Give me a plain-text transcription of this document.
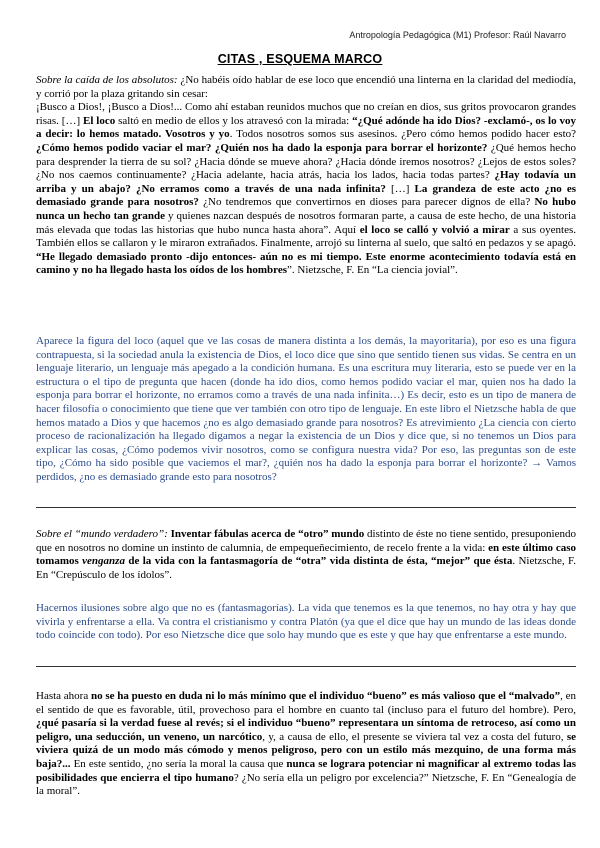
Antropología Pedagógica (M1) Profesor: Raúl Navarro
CITAS , ESQUEMA MARCO

Sobre la caída de los absolutos: ¿No habéis oído hablar de ese loco que encendió una linterna en la claridad del mediodía, y corrió por la plaza gritando sin cesar:
¡Busco a Dios!, ¡Busco a Dios!... Como ahí estaban reunidos muchos que no creían en dios, sus gritos provocaron grandes risas. […] El loco saltó en medio de ellos y los atravesó con la mirada: “¿Qué adónde ha ido Dios? -exclamó-, os lo voy a decir: lo hemos matado. Vosotros y yo. Todos nosotros somos sus asesinos. ¿Pero cómo hemos podido hacer esto? ¿Cómo hemos podido vaciar el mar? ¿Quién nos ha dado la esponja para borrar el horizonte? ¿Qué hemos hecho para desprender la tierra de su sol? ¿Hacia dónde se mueve ahora? ¿Hacia dónde iremos nosotros? ¿Lejos de estos soles? ¿No nos caemos continuamente? ¿Hacia adelante, hacia atrás, hacia los lados, hacia todas partes? ¿Hay todavía un arriba y un abajo? ¿No erramos como a través de una nada infinita? […] La grandeza de este acto ¿no es demasiado grande para nosotros? ¿No tendremos que convertirnos en dioses para parecer dignos de ella? No hubo nunca un hecho tan grande y quienes nazcan después de nosotros formaran parte, a causa de este hecho, de una historia más elevada que todas las historias que hubo nunca hasta ahora”. Aquí el loco se calló y volvió a mirar a sus oyentes. También ellos se callaron y le miraron extrañados. Finalmente, arrojó su linterna al suelo, que saltó en pedazos y se apagó. “He llegado demasiado pronto -dijo entonces- aún no es mi tiempo. Este enorme acontecimiento todavía está en camino y no ha llegado hasta los oídos de los hombres”. Nietzsche, F. En “La ciencia jovial”.

Aparece la figura del loco (aquel que ve las cosas de manera distinta a los demás, la mayoritaria), por eso es una figura contrapuesta, si la sociedad anula la existencia de Dios, el loco dice que sino que sentido tienen sus vidas. Se centra en un lenguaje literario, un lenguaje más apegado a la condición humana. Es una escritura muy literaria, esto se puede ver en la estructura o el tipo de pregunta que hacen (donde ha ido dios, como hemos podido vaciar el mar, quien nos ha dado la esponja para borrar el horizonte, no erramos como a través de una nada infinita…) Es decir, esto es un tipo de manera de hacer filosofía o conocimiento que tiene que ver también con otro tipo de lenguaje. En este libro el Nietzsche habla de que hemos matado a Dios y que hacemos ¿no es algo demasiado grande para nosotros? Es atrevimiento ¿La ciencia con cierto proceso de racionalización ha llegado digamos a negar la existencia de un Dios y dice que, si no tenemos un Dios para explicar las cosas, ¿Cómo podemos vivir nosotros, como se configura nuestra vida? Por eso, las preguntas son de este tipo, ¿Cómo ha sido posible que vaciemos el mar?, ¿quién nos ha dado la esponja para borrar el horizonte? → Vamos perdidos, ¿no es demasiado grande esto para nosotros?

Sobre el “mundo verdadero”: Inventar fábulas acerca de “otro” mundo distinto de éste no tiene sentido, presuponiendo que en nosotros no domine un instinto de calumnia, de empequeñecimiento, de recelo frente a la vida: en este último caso tomamos venganza de la vida con la fantasmagoría de “otra” vida distinta de ésta, “mejor” que ésta. Nietzsche, F. En “Crepúsculo de los ídolos”.

Hacernos ilusiones sobre algo que no es (fantasmagorías). La vida que tenemos es la que tenemos, no hay otra y hay que vivirla y enfrentarse a ella. Va contra el cristianismo y contra Platón (ya que el dice que hay un mundo de las ideas donde todo coincide con todo). Por eso Nietzsche dice que solo hay mundo que es este y que hay que enfrentarse a este mundo.

Hasta ahora no se ha puesto en duda ni lo más mínimo que el individuo “bueno” es más valioso que el “malvado”, en el sentido de que es favorable, útil, provechoso para el hombre en cuanto tal (incluso para el futuro del hombre). Pero, ¿qué pasaría si la verdad fuese al revés; si el individuo “bueno” representara un síntoma de retroceso, así como un peligro, una seducción, un veneno, un narcótico, y, a causa de ello, el presente se viviera tal vez a costa del futuro, se viviera quizá de un modo más cómodo y menos peligroso, pero con un estilo más mezquino, de una forma más baja?... En este sentido, ¿no sería la moral la causa que nunca se lograra potenciar ni magnificar al extremo todas las posibilidades que encierra el tipo humano? ¿No sería ella un peligro por excelencia?” Nietzsche, F. En “Genealogía de la moral”.
